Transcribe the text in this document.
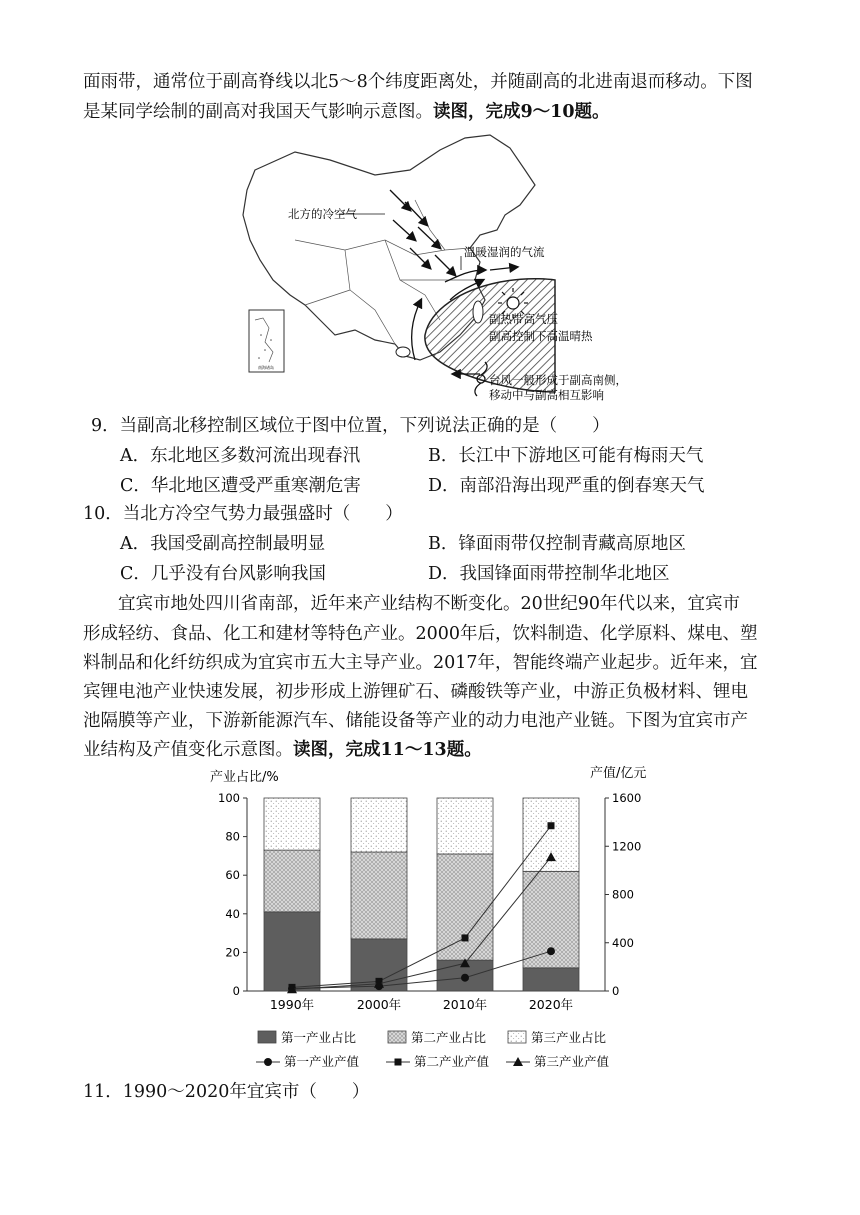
面雨带，通常位于副高脊线以北5～8个纬度距离处，并随副高的北进南退而移动。下图
是某同学绘制的副高对我国天气影响示意图。读图，完成9～10题。
南海诸岛
北方的冷空气
温暖湿润的气流
副热带高气压
副高控制下高温晴热
台风一般形成于副高南侧，
移动中与副高相互影响
9．当副高北移控制区域位于图中位置，下列说法正确的是（　　）
A．东北地区多数河流出现春汛	B．长江中下游地区可能有梅雨天气
C．华北地区遭受严重寒潮危害	D．南部沿海出现严重的倒春寒天气
10．当北方冷空气势力最强盛时（　　）
A．我国受副高控制最明显	B．锋面雨带仅控制青藏高原地区
C．几乎没有台风影响我国	D．我国锋面雨带控制华北地区
宜宾市地处四川省南部，近年来产业结构不断变化。20世纪90年代以来，宜宾市
形成轻纺、食品、化工和建材等特色产业。2000年后，饮料制造、化学原料、煤电、塑
料制品和化纤纺织成为宜宾市五大主导产业。2017年，智能终端产业起步。近年来，宜
宾锂电池产业快速发展，初步形成上游锂矿石、磷酸铁等产业，中游正负极材料、锂电
池隔膜等产业，下游新能源汽车、储能设备等产业的动力电池产业链。下图为宜宾市产
业结构及产值变化示意图。读图，完成11～13题。
产业占比/%	产值/亿元
0
20
40
60
80
100
0
400
800
1200
1600
1990年	2000年	2010年	2020年
第一产业占比	第二产业占比	第三产业占比
第一产业产值	第二产业产值	第三产业产值
11．1990～2020年宜宾市（　　）
